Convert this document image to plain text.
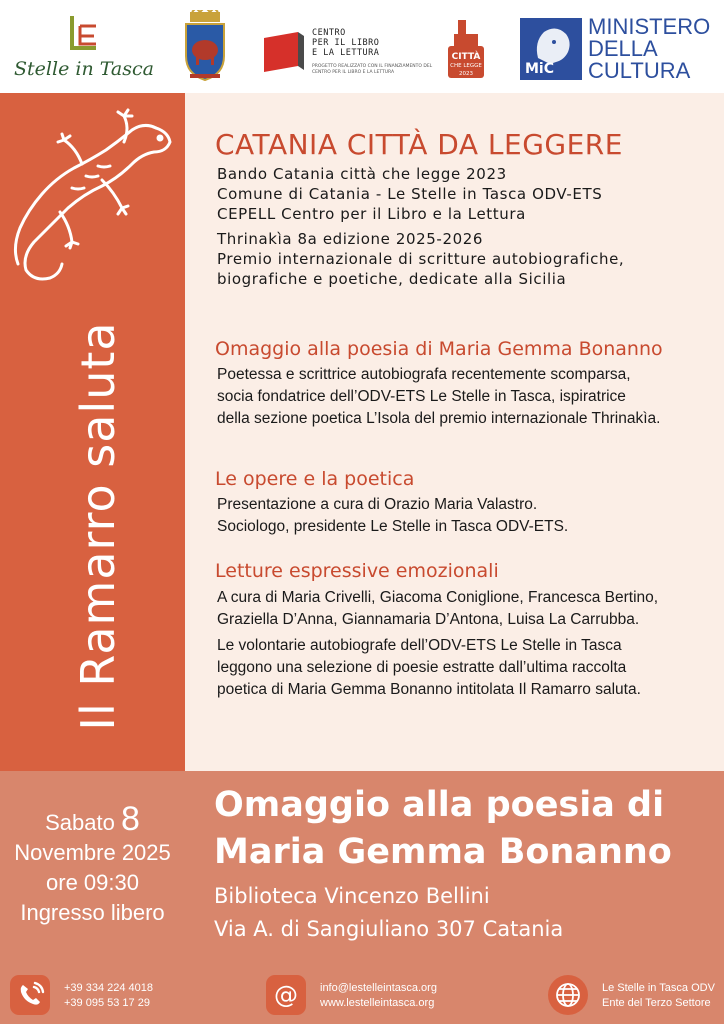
Stelle in Tasca
CENTRO
PER IL LIBRO
E LA LETTURA
PROGETTO REALIZZATO CON IL FINANZIAMENTO DEL CENTRO PER IL LIBRO E LA LETTURA
CITTÀ
CHE LEGGE
2023	MiC
MINISTERO
DELLA
CULTURA
Il Ramarro saluta
CATANIA CITTÀ DA LEGGERE
Bando Catania città che legge 2023
Comune di Catania - Le Stelle in Tasca ODV-ETS
CEPELL Centro per il Libro e la Lettura
Thrinakìa 8a edizione 2025-2026
Premio internazionale di scritture autobiografiche,
biografiche e poetiche, dedicate alla Sicilia
Omaggio alla poesia di Maria Gemma Bonanno
Poetessa e scrittrice autobiografa recentemente scomparsa,
socia fondatrice dell’ODV-ETS Le Stelle in Tasca, ispiratrice
della sezione poetica L’Isola del premio internazionale Thrinakìa.
Le opere e la poetica
Presentazione a cura di Orazio Maria Valastro.
Sociologo, presidente Le Stelle in Tasca ODV-ETS.
Letture espressive emozionali
A cura di Maria Crivelli, Giacoma Coniglione, Francesca Bertino,
Graziella D’Anna, Giannamaria D’Antona, Luisa La Carrubba.
Le volontarie autobiografe dell’ODV-ETS Le Stelle in Tasca
leggono una selezione di poesie estratte dall’ultima raccolta
poetica di Maria Gemma Bonanno intitolata Il Ramarro saluta.
Sabato 8
Novembre 2025
ore 09:30
Ingresso libero
Omaggio alla poesia di
Maria Gemma Bonanno
Biblioteca Vincenzo Bellini
Via A. di Sangiuliano 307 Catania
+39 334 224 4018
+39 095 53 17 29	@ info@lestelleintasca.org
www.lestelleintasca.org
Le Stelle in Tasca ODV
Ente del Terzo Settore
